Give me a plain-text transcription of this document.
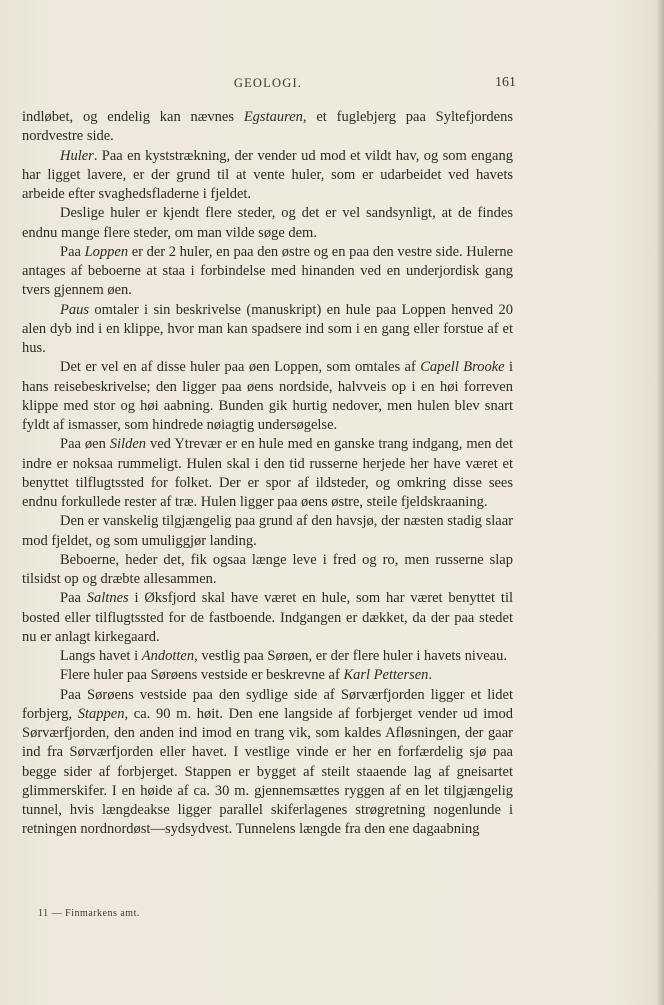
GEOLOGI.	161

indløbet, og endelig kan nævnes Egstauren, et fuglebjerg paa Syltefjordens nordvestre side.

Huler. Paa en kyststrækning, der vender ud mod et vildt hav, og som engang har ligget lavere, er der grund til at vente huler, som er udarbeidet ved havets arbeide efter svaghedsfladerne i fjeldet.

Deslige huler er kjendt flere steder, og det er vel sandsynligt, at de findes endnu mange flere steder, om man vilde søge dem.

Paa Loppen er der 2 huler, en paa den østre og en paa den vestre side. Hulerne antages af beboerne at staa i forbindelse med hinanden ved en underjordisk gang tvers gjennem øen.

Paus omtaler i sin beskrivelse (manuskript) en hule paa Loppen henved 20 alen dyb ind i en klippe, hvor man kan spadsere ind som i en gang eller forstue af et hus.

Det er vel en af disse huler paa øen Loppen, som omtales af Capell Brooke i hans reisebeskrivelse; den ligger paa øens nordside, halvveis op i en høi forreven klippe med stor og høi aabning. Bunden gik hurtig nedover, men hulen blev snart fyldt af ismasser, som hindrede nøiagtig undersøgelse.

Paa øen Silden ved Ytrevær er en hule med en ganske trang indgang, men det indre er noksaa rummeligt. Hulen skal i den tid russerne herjede her have været et benyttet tilflugtssted for folket. Der er spor af ildsteder, og omkring disse sees endnu forkullede rester af træ. Hulen ligger paa øens østre, steile fjeldskraaning.

Den er vanskelig tilgjængelig paa grund af den havsjø, der næsten stadig slaar mod fjeldet, og som umuliggjør landing.

Beboerne, heder det, fik ogsaa længe leve i fred og ro, men russerne slap tilsidst op og dræbte allesammen.

Paa Saltnes i Øksfjord skal have været en hule, som har været benyttet til bosted eller tilflugtssted for de fastboende. Indgangen er dækket, da der paa stedet nu er anlagt kirkegaard.

Langs havet i Andotten, vestlig paa Sørøen, er der flere huler i havets niveau.

Flere huler paa Sørøens vestside er beskrevne af Karl Pettersen.

Paa Sørøens vestside paa den sydlige side af Sørværfjorden ligger et lidet forbjerg, Stappen, ca. 90 m. høit. Den ene langside af forbjerget vender ud imod Sørværfjorden, den anden ind imod en trang vik, som kaldes Afløsningen, der gaar ind fra Sørværfjorden eller havet. I vestlige vinde er her en forfærdelig sjø paa begge sider af forbjerget. Stappen er bygget af steilt staaende lag af gneisartet glimmerskifer. I en høide af ca. 30 m. gjennemsættes ryggen af en let tilgjængelig tunnel, hvis længdeakse ligger parallel skiferlagenes strøgretning nogenlunde i retningen nordnordøst—sydsydvest. Tunnelens længde fra den ene dagaabning

11 — Finmarkens amt.
